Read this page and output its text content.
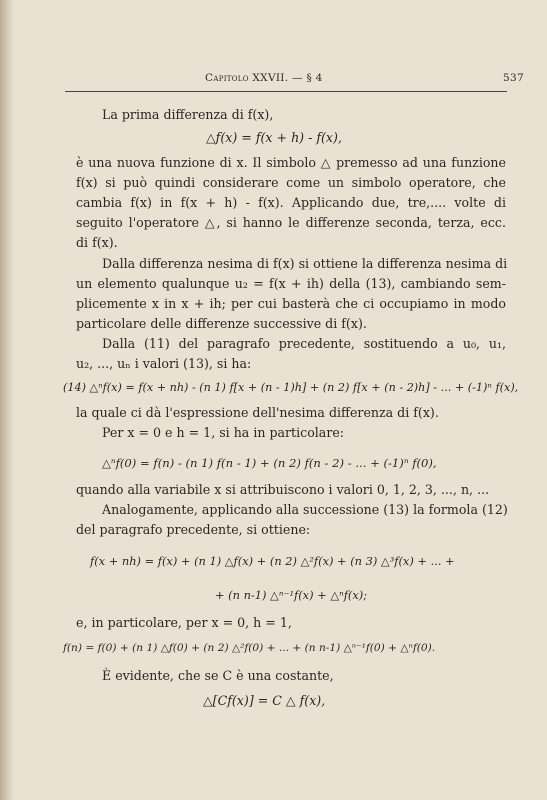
Capitolo XXVII. — § 4	537
La prima differenza di f(x),
△f(x) = f(x + h) - f(x),
è una nuova funzione di x. Il simbolo △ premesso ad una funzione
f(x) si può quindi considerare come un simbolo operatore, che
cambia f(x) in f(x + h) - f(x). Applicando due, tre,.... volte di
seguito l'operatore △, si hanno le differenze seconda, terza, ecc.
di f(x).
Dalla differenza nesima di f(x) si ottiene la differenza nesima di
un elemento qualunque u₂ = f(x + ih) della (13), cambiando sem-
plicemente x in x + ih; per cui basterà che ci occupiamo in modo
particolare delle differenze successive di f(x).
Dalla (11) del paragrafo precedente, sostituendo a u₀, u₁,
u₂, ..., uₙ i valori (13), si ha:
(14) △ⁿf(x) = f(x + nh) - (n 1) f[x + (n - 1)h] + (n 2) f[x + (n - 2)h] - ... + (-1)ⁿ f(x),
la quale ci dà l'espressione dell'nesima differenza di f(x).
Per x = 0 e h = 1, si ha in particolare:
△ⁿf(0) = f(n) - (n 1) f(n - 1) + (n 2) f(n - 2) - ... + (-1)ⁿ f(0),
quando alla variabile x si attribuiscono i valori 0, 1, 2, 3, ..., n, ...
Analogamente, applicando alla successione (13) la formola (12)
del paragrafo precedente, si ottiene:
f(x + nh) = f(x) + (n 1) △f(x) + (n 2) △²f(x) + (n 3) △³f(x) + ... +
+ (n n-1) △ⁿ⁻¹f(x) + △ⁿf(x);
e, in particolare, per x = 0, h = 1,
f(n) = f(0) + (n 1) △f(0) + (n 2) △²f(0) + ... + (n n-1) △ⁿ⁻¹f(0) + △ⁿf(0).
È evidente, che se C è una costante,
△[Cf(x)] = C △ f(x),
